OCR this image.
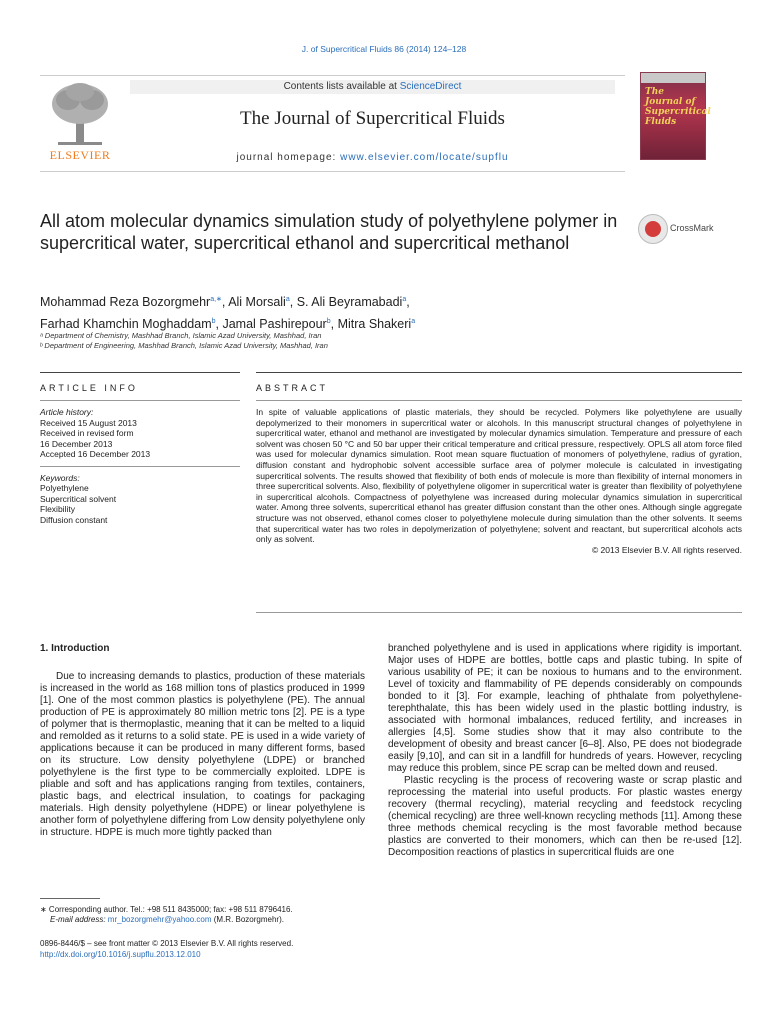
J. of Supercritical Fluids 86 (2014) 124–128
ELSEVIER
Contents lists available at ScienceDirect
The Journal of Supercritical Fluids
journal homepage: www.elsevier.com/locate/supflu
The Journal of Supercritical Fluids
All atom molecular dynamics simulation study of polyethylene polymer in supercritical water, supercritical ethanol and supercritical methanol
CrossMark
Mohammad Reza Bozorgmehr$^{a,∗}$, Ali Morsali$^a$, S. Ali Beyramabadi$^a$,
Farhad Khamchin Moghaddam$^b$, Jamal Pashirepour$^b$, Mitra Shakeri$^a$
ᵃ Department of Chemistry, Mashhad Branch, Islamic Azad University, Mashhad, Iran
ᵇ Department of Engineering, Mashhad Branch, Islamic Azad University, Mashhad, Iran
ARTICLE INFO	ABSTRACT
Article history:
Received 15 August 2013
Received in revised form
16 December 2013
Accepted 16 December 2013
Keywords:
Polyethylene
Supercritical solvent
Flexibility
Diffusion constant
In spite of valuable applications of plastic materials, they should be recycled. Polymers like polyethylene are usually depolymerized to their monomers in supercritical water or alcohols. In this manuscript structural changes of polyethylene in supercritical water, ethanol and methanol are investigated by molecular dynamics simulation. Temperature and pressure of each solvent was chosen 50 °C and 50 bar upper their critical temperature and critical pressure, respectively. OPLS all atom force filed was used for molecular dynamics simulation. Root mean square fluctuation of monomers of polyethylene, radius of gyration, diffusion constant and hydrophobic solvent accessible surface area of polymer molecule is calculated in investigating supercritical solvents. The results showed that flexibility of both ends of molecule is more than flexibility of internal monomers in three supercritical solvents. Also, flexibility of polyethylene oligomer in supercritical water is greater than flexibility of polyethylene in supercritical alcohols. Compactness of polyethylene was increased during molecular dynamics simulation in supercritical water. Among three solvents, supercritical ethanol has greater diffusion constant than the other ones. Although single aggregate structure was not observed, ethanol comes closer to polyethylene molecule during simulation than the other solvents. It seems that supercritical water has two roles in depolymerization of polyethylene; solvent and reactant, but supercritical alcohols acts only as solvent.
© 2013 Elsevier B.V. All rights reserved.
1. Introduction

Due to increasing demands to plastics, production of these materials is increased in the world as 168 million tons of plastics produced in 1999 [1]. One of the most common plastics is polyethylene (PE). The annual production of PE is approximately 80 million metric tons [2]. PE is a type of polymer that is thermoplastic, meaning that it can be melted to a liquid and remolded as it returns to a solid state. PE is used in a wide variety of applications because it can be produced in many different forms, based on its structure. Low density polyethylene (LDPE) or branched polyethylene is the first type to be commercially exploited. LDPE is pliable and soft and has applications ranging from textiles, containers, plastic bags, and electrical insulation, to coatings for packaging materials. High density polyethylene (HDPE) or linear polyethylene is another form of polyethylene differing from Low density polyethylene only in structure. HDPE is much more tightly packed than

branched polyethylene and is used in applications where rigidity is important. Major uses of HDPE are bottles, bottle caps and plastic tubing. In spite of various usability of PE; it can be noxious to humans and to the environment. Level of toxicity and flammability of PE depends considerably on compounds bonded to it [3]. For example, leaching of phthalate from polyethylene-terephthalate, this has been widely used in the plastic bottling industry, is associated with hormonal imbalances, reduced fertility, and increases in allergies [4,5]. Some studies show that it may also contribute to the development of obesity and breast cancer [6–8]. Also, PE does not biodegrade easily [9,10], and can sit in a landfill for hundreds of years. However, recycling may reduce this problem, since PE scrap can be melted down and reused.

Plastic recycling is the process of recovering waste or scrap plastic and reprocessing the material into useful products. For plastic wastes energy recovery (thermal recycling), material recycling and feedstock recycling (chemical recycling) are three well-known recycling methods [11]. Among these three methods chemical recycling is the most favorable method because plastics are converted to their monomers, which can then be re-used [12]. Decomposition reactions of plastics in supercritical fluids are one

∗ Corresponding author. Tel.: +98 511 8435000; fax: +98 511 8796416.
E-mail address: mr_bozorgmehr@yahoo.com (M.R. Bozorgmehr).
0896-8446/$ – see front matter © 2013 Elsevier B.V. All rights reserved.
http://dx.doi.org/10.1016/j.supflu.2013.12.010
